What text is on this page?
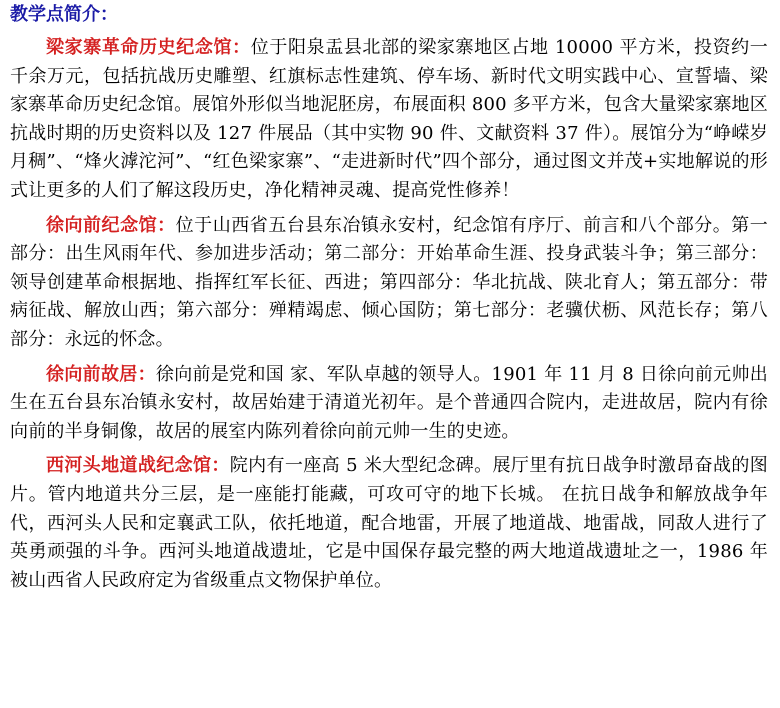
教学点简介：

梁家寨革命历史纪念馆：位于阳泉盂县北部的梁家寨地区占地 10000 平方米，投资约一千余万元，包括抗战历史雕塑、红旗标志性建筑、停车场、新时代文明实践中心、宣誓墙、梁家寨革命历史纪念馆。展馆外形似当地泥胚房，布展面积 800 多平方米，包含大量梁家寨地区抗战时期的历史资料以及 127 件展品（其中实物 90 件、文献资料 37 件）。展馆分为“峥嵘岁月稠”、“烽火滹沱河”、“红色梁家寨”、“走进新时代”四个部分，通过图文并茂+实地解说的形式让更多的人们了解这段历史，净化精神灵魂、提高党性修养！

徐向前纪念馆：位于山西省五台县东冶镇永安村，纪念馆有序厅、前言和八个部分。第一部分：出生风雨年代、参加进步活动；第二部分：开始革命生涯、投身武装斗争；第三部分：领导创建革命根据地、指挥红军长征、西进；第四部分：华北抗战、陕北育人；第五部分：带病征战、解放山西；第六部分：殚精竭虑、倾心国防；第七部分：老骥伏枥、风范长存；第八部分：永远的怀念。

徐向前故居：徐向前是党和国 家、军队卓越的领导人。1901 年 11 月 8 日徐向前元帅出生在五台县东冶镇永安村，故居始建于清道光初年。是个普通四合院内，走进故居，院内有徐向前的半身铜像，故居的展室内陈列着徐向前元帅一生的史迹。

西河头地道战纪念馆：院内有一座高 5 米大型纪念碑。展厅里有抗日战争时激昂奋战的图片。管内地道共分三层，是一座能打能藏，可攻可守的地下长城。 在抗日战争和解放战争年代，西河头人民和定襄武工队，依托地道，配合地雷，开展了地道战、地雷战，同敌人进行了英勇顽强的斗争。西河头地道战遗址，它是中国保存最完整的两大地道战遗址之一，1986 年被山西省人民政府定为省级重点文物保护单位。
